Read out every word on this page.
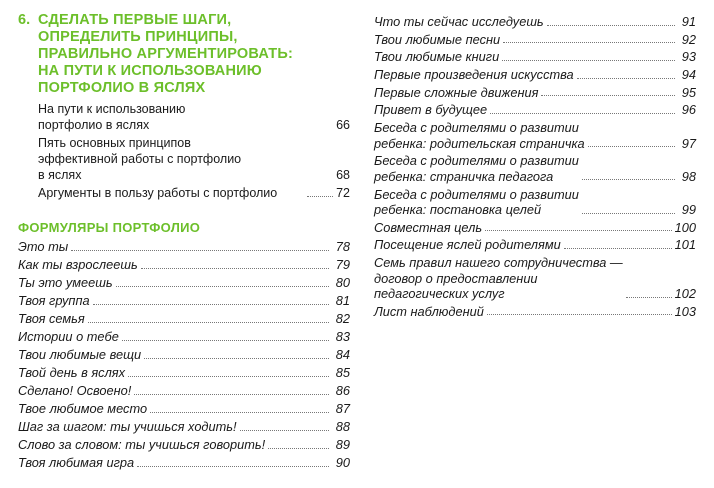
6. СДЕЛАТЬ ПЕРВЫЕ ШАГИ,
ОПРЕДЕЛИТЬ ПРИНЦИПЫ,
ПРАВИЛЬНО АРГУМЕНТИРОВАТЬ:
НА ПУТИ К ИСПОЛЬЗОВАНИЮ
ПОРТФОЛИО В ЯСЛЯХ
На пути к использованию
портфолио в яслях	66
Пять основных принципов
эффективной работы с портфолио
в яслях	68
Аргументы в пользу работы с портфолио	72
ФОРМУЛЯРЫ ПОРТФОЛИО
Это ты	78
Как ты взрослеешь	79
Ты это умеешь	80
Твоя группа	81
Твоя семья	82
Истории о тебе	83
Твои любимые вещи	84
Твой день в яслях	85
Сделано! Освоено!	86
Твое любимое место	87
Шаг за шагом: ты учишься ходить!	88
Слово за словом: ты учишься говорить!	89
Твоя любимая игра	90
Что ты сейчас исследуешь	91
Твои любимые песни	92
Твои любимые книги	93
Первые произведения искусства	94
Первые сложные движения	95
Привет в будущее	96
Беседа с родителями о развитии
ребенка: родительская страничка	97
Беседа с родителями о развитии
ребенка: страничка педагога	98
Беседа с родителями о развитии
ребенка: постановка целей	99
Совместная цель	100
Посещение яслей родителями	101
Семь правил нашего сотрудничества —
договор о предоставлении
педагогических услуг	102
Лист наблюдений	103
